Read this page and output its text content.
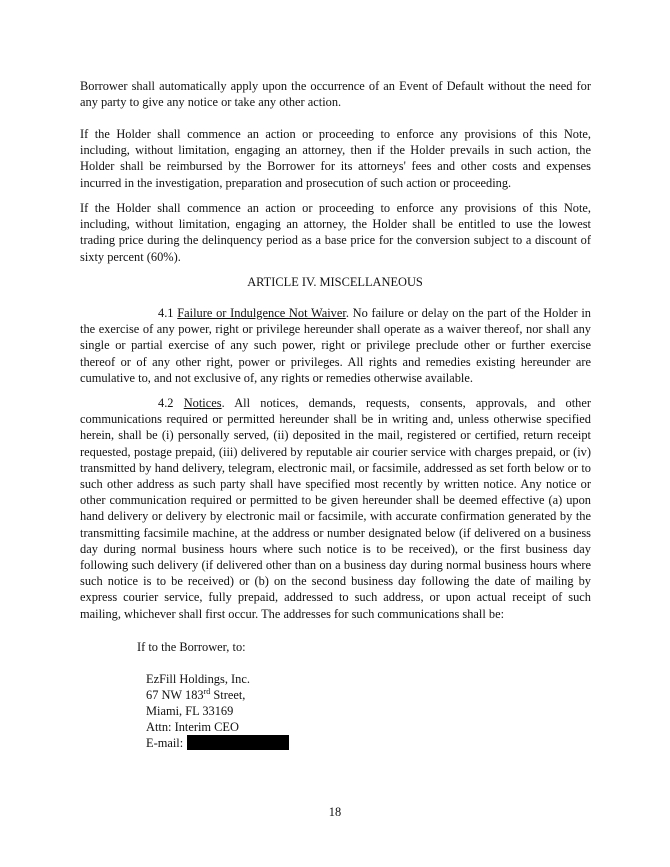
Borrower shall automatically apply upon the occurrence of an Event of Default without the need for any party to give any notice or take any other action.

If the Holder shall commence an action or proceeding to enforce any provisions of this Note, including, without limitation, engaging an attorney, then if the Holder prevails in such action, the Holder shall be reimbursed by the Borrower for its attorneys' fees and other costs and expenses incurred in the investigation, preparation and prosecution of such action or proceeding.

If the Holder shall commence an action or proceeding to enforce any provisions of this Note, including, without limitation, engaging an attorney, the Holder shall be entitled to use the lowest trading price during the delinquency period as a base price for the conversion subject to a discount of sixty percent (60%).

ARTICLE IV. MISCELLANEOUS

4.1 Failure or Indulgence Not Waiver. No failure or delay on the part of the Holder in the exercise of any power, right or privilege hereunder shall operate as a waiver thereof, nor shall any single or partial exercise of any such power, right or privilege preclude other or further exercise thereof or of any other right, power or privileges. All rights and remedies existing hereunder are cumulative to, and not exclusive of, any rights or remedies otherwise available.

4.2 Notices. All notices, demands, requests, consents, approvals, and other communications required or permitted hereunder shall be in writing and, unless otherwise specified herein, shall be (i) personally served, (ii) deposited in the mail, registered or certified, return receipt requested, postage prepaid, (iii) delivered by reputable air courier service with charges prepaid, or (iv) transmitted by hand delivery, telegram, electronic mail, or facsimile, addressed as set forth below or to such other address as such party shall have specified most recently by written notice. Any notice or other communication required or permitted to be given hereunder shall be deemed effective (a) upon hand delivery or delivery by electronic mail or facsimile, with accurate confirmation generated by the transmitting facsimile machine, at the address or number designated below (if delivered on a business day during normal business hours where such notice is to be received), or the first business day following such delivery (if delivered other than on a business day during normal business hours where such notice is to be received) or (b) on the second business day following the date of mailing by express courier service, fully prepaid, addressed to such address, or upon actual receipt of such mailing, whichever shall first occur. The addresses for such communications shall be:

If to the Borrower, to:
EzFill Holdings, Inc.
67 NW 183rd Street,
Miami, FL 33169
Attn: Interim CEO
E-mail:
18
